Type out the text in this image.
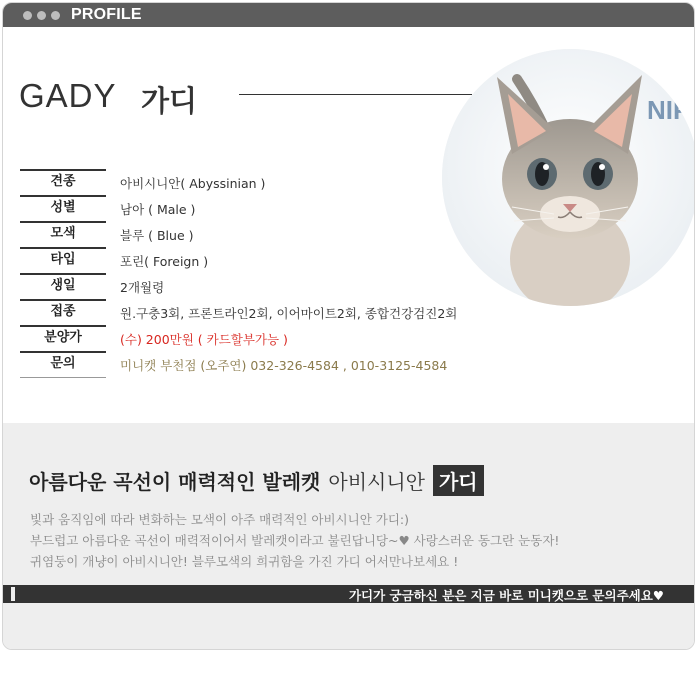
PROFILE
GADY 가디	NIP
견종	아비시니안( Abyssinian )
성별	남아 ( Male )
모색	블루 ( Blue )
타입	포린( Foreign )
생일	2개월령
접종	원.구충3회, 프론트라인2회, 이어마이트2회, 종합건강검진2회
분양가	(수) 200만원 ( 카드할부가능 )
문의	미니캣 부천점 (오주연) 032-326-4584 , 010-3125-4584
아름다운 곡선이 매력적인 발레캣 아비시니안 가디
빛과 움직임에 따라 변화하는 모색이 아주 매력적인 아비시니안 가디:)
부드럽고 아름다운 곡선이 매력적이어서 발레캣이라고 불린답니당~♥ 사랑스러운 동그란 눈동자!
귀염둥이 개냥이 아비시니안! 블루모색의 희귀함을 가진 가디 어서만나보세요 !
가디가 궁금하신 분은 지금 바로 미니캣으로 문의주세요♥
